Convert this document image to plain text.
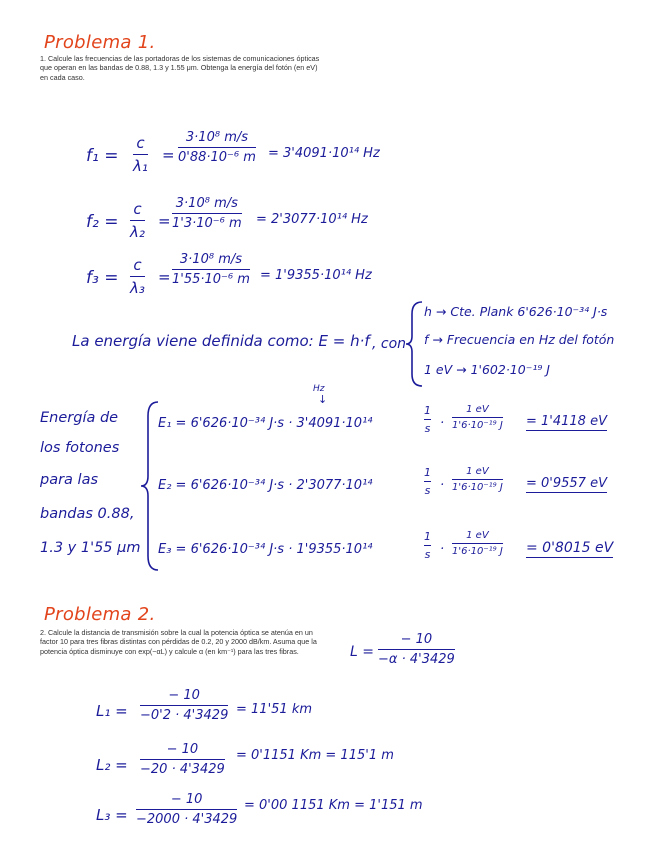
Problema 1.
1. Calcule las frecuencias de las portadoras de los sistemas de comunicaciones ópticas que operan en las bandas de 0.88, 1.3 y 1.55 μm. Obtenga la energía del fotón (en eV) en cada caso.
f₁ =
c
λ₁
=
3·10⁸ m/s
0'88·10⁻⁶ m = 3'4091·10¹⁴ Hz
f₂ =
c
λ₂
=
3·10⁸ m/s
1'3·10⁻⁶ m = 2'3077·10¹⁴ Hz
f₃ =
c
λ₃
=
3·10⁸ m/s
1'55·10⁻⁶ m = 1'9355·10¹⁴ Hz
La energía viene definida como: E = h·f , con
h → Cte. Plank 6'626·10⁻³⁴ J·s
f → Frecuencia en Hz del fotón
1 eV → 1'602·10⁻¹⁹ J
Hz
↓
Energía de
los fotones
para las
bandas 0.88,
1.3 y 1'55 μm
E₁ = 6'626·10⁻³⁴ J·s · 3'4091·10¹⁴
1
s ·
1 eV
1'6·10⁻¹⁹ J = 1'4118 eV
E₂ = 6'626·10⁻³⁴ J·s · 2'3077·10¹⁴
1
s ·
1 eV
1'6·10⁻¹⁹ J = 0'9557 eV
E₃ = 6'626·10⁻³⁴ J·s · 1'9355·10¹⁴
1
s ·
1 eV
1'6·10⁻¹⁹ J = 0'8015 eV
Problema 2.
2. Calcule la distancia de transmisión sobre la cual la potencia óptica se atenúa en un factor 10 para tres fibras distintas con pérdidas de 0.2, 20 y 2000 dB/km. Asuma que la potencia óptica disminuye con exp(−αL) y calcule α (en km⁻¹) para las tres fibras.	L =
− 10
−α · 4'3429
L₁ =
− 10
−0'2 · 4'3429 = 11'51 km
L₂ =
− 10
−20 · 4'3429
= 0'1151 Km = 115'1 m
L₃ =
− 10
−2000 · 4'3429
= 0'00 1151 Km = 1'151 m
